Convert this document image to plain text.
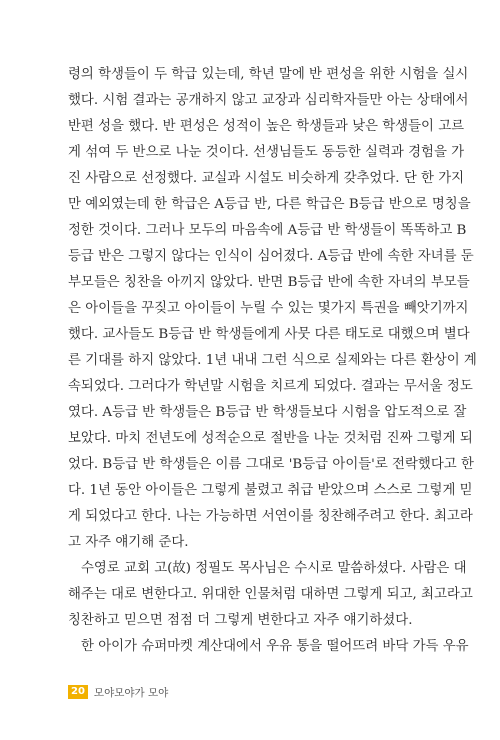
령의 학생들이 두 학급 있는데, 학년 말에 반 편성을 위한 시험을 실시
했다. 시험 결과는 공개하지 않고 교장과 심리학자들만 아는 상태에서
반편 성을 했다. 반 편성은 성적이 높은 학생들과 낮은 학생들이 고르
게 섞여 두 반으로 나눈 것이다. 선생님들도 동등한 실력과 경험을 가
진 사람으로 선정했다. 교실과 시설도 비슷하게 갖추었다. 단 한 가지
만 예외였는데 한 학급은 A등급 반, 다른 학급은 B등급 반으로 명칭을
정한 것이다. 그러나 모두의 마음속에 A등급 반 학생들이 똑똑하고 B
등급 반은 그렇지 않다는 인식이 심어졌다. A등급 반에 속한 자녀를 둔
부모들은 칭찬을 아끼지 않았다. 반면 B등급 반에 속한 자녀의 부모들
은 아이들을 꾸짖고 아이들이 누릴 수 있는 몇가지 특권을 빼앗기까지
했다. 교사들도 B등급 반 학생들에게 사뭇 다른 태도로 대했으며 별다
른 기대를 하지 않았다. 1년 내내 그런 식으로 실제와는 다른 환상이 계
속되었다. 그러다가 학년말 시험을 치르게 되었다. 결과는 무서울 정도
였다. A등급 반 학생들은 B등급 반 학생들보다 시험을 압도적으로 잘
보았다. 마치 전년도에 성적순으로 절반을 나눈 것처럼 진짜 그렇게 되
었다. B등급 반 학생들은 이름 그대로 'B등급 아이들'로 전락했다고 한
다. 1년 동안 아이들은 그렇게 불렸고 취급 받았으며 스스로 그렇게 믿
게 되었다고 한다. 나는 가능하면 서연이를 칭찬해주려고 한다. 최고라
고 자주 얘기해 준다.
수영로 교회 고(故) 정필도 목사님은 수시로 말씀하셨다. 사람은 대
해주는 대로 변한다고. 위대한 인물처럼 대하면 그렇게 되고, 최고라고
칭찬하고 믿으면 점점 더 그렇게 변한다고 자주 얘기하셨다.
한 아이가 슈퍼마켓 계산대에서 우유 통을 떨어뜨려 바닥 가득 우유
20 모야모야가 모야
